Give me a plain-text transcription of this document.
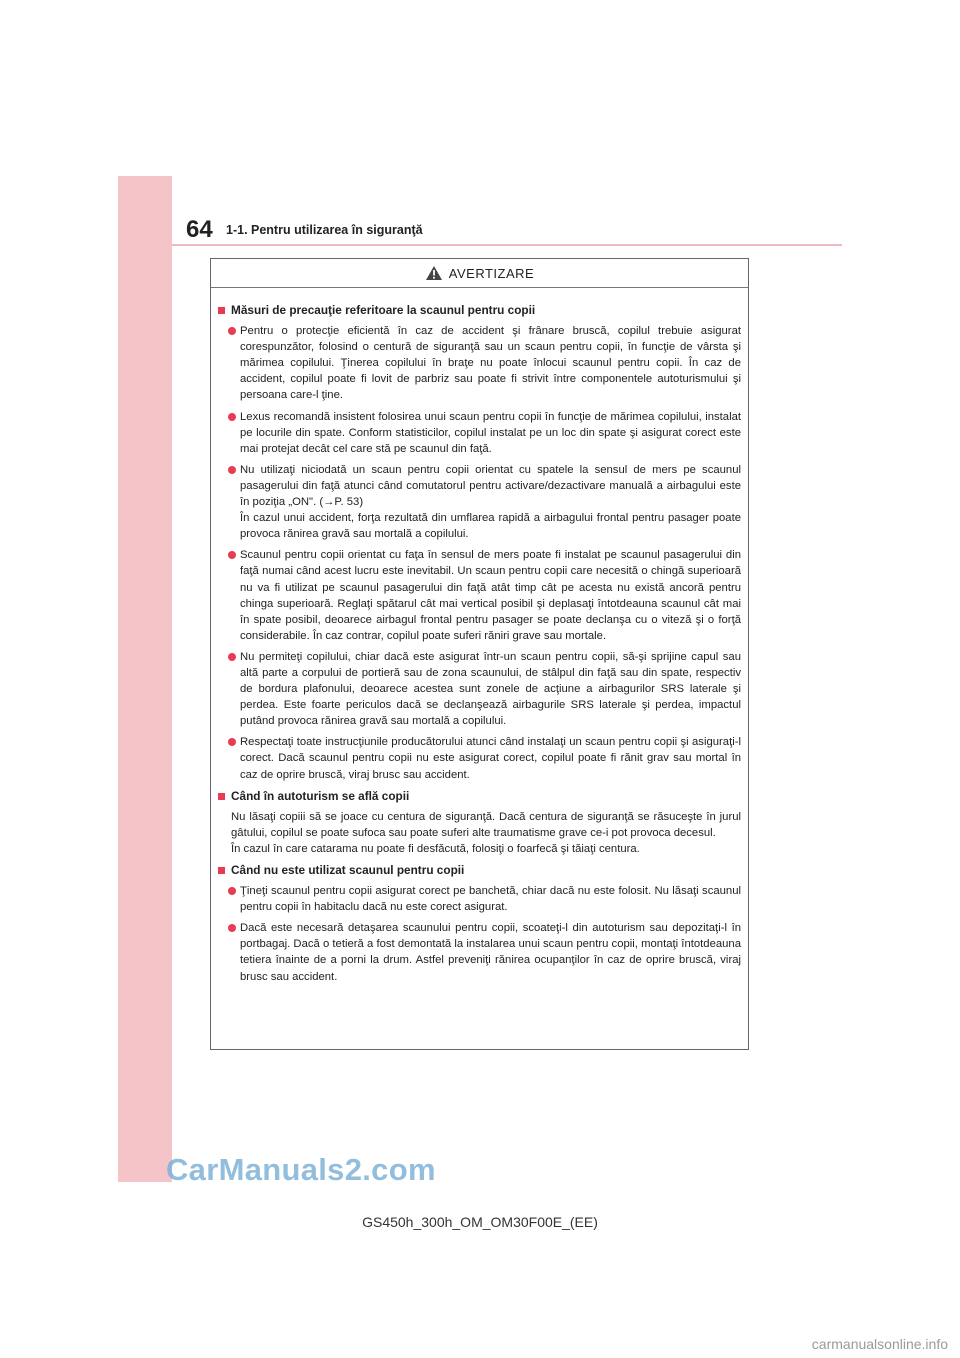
64 1-1. Pentru utilizarea în siguranţă
AVERTIZARE
Măsuri de precauţie referitoare la scaunul pentru copii
Pentru o protecţie eficientă în caz de accident şi frânare bruscă, copilul trebuie asigurat corespunzător, folosind o centură de siguranţă sau un scaun pentru copii, în funcţie de vârsta şi mărimea copilului. Ţinerea copilului în braţe nu poate înlocui scaunul pentru copii. În caz de accident, copilul poate fi lovit de parbriz sau poate fi strivit între componentele autoturismului şi persoana care-l ţine.
Lexus recomandă insistent folosirea unui scaun pentru copii în funcţie de mărimea copilului, instalat pe locurile din spate. Conform statisticilor, copilul instalat pe un loc din spate şi asigurat corect este mai protejat decât cel care stă pe scaunul din faţă.
Nu utilizaţi niciodată un scaun pentru copii orientat cu spatele la sensul de mers pe scaunul pasagerului din faţă atunci când comutatorul pentru activare/dezactivare manuală a airbagului este în poziţia „ON". (→P. 53)
În cazul unui accident, forţa rezultată din umflarea rapidă a airbagului frontal pentru pasager poate provoca rănirea gravă sau mortală a copilului.
Scaunul pentru copii orientat cu faţa în sensul de mers poate fi instalat pe scaunul pasagerului din faţă numai când acest lucru este inevitabil. Un scaun pentru copii care necesită o chingă superioară nu va fi utilizat pe scaunul pasagerului din faţă atât timp cât pe acesta nu există ancoră pentru chinga superioară. Reglaţi spătarul cât mai vertical posibil şi deplasaţi întotdeauna scaunul cât mai în spate posibil, deoarece airbagul frontal pentru pasager se poate declanşa cu o viteză şi o forţă considerabile. În caz contrar, copilul poate suferi răniri grave sau mortale.
Nu permiteţi copilului, chiar dacă este asigurat într-un scaun pentru copii, să-şi sprijine capul sau altă parte a corpului de portieră sau de zona scaunului, de stâlpul din faţă sau din spate, respectiv de bordura plafonului, deoarece acestea sunt zonele de acţiune a airbagurilor SRS laterale şi perdea. Este foarte periculos dacă se declanşează airbagurile SRS laterale şi perdea, impactul putând provoca rănirea gravă sau mortală a copilului.
Respectaţi toate instrucţiunile producătorului atunci când instalaţi un scaun pentru copii şi asiguraţi-l corect. Dacă scaunul pentru copii nu este asigurat corect, copilul poate fi rănit grav sau mortal în caz de oprire bruscă, viraj brusc sau accident.
Când în autoturism se află copii
Nu lăsaţi copiii să se joace cu centura de siguranţă. Dacă centura de siguranţă se răsuceşte în jurul gâtului, copilul se poate sufoca sau poate suferi alte traumatisme grave ce-i pot provoca decesul.
În cazul în care catarama nu poate fi desfăcută, folosiţi o foarfecă şi tăiaţi centura.
Când nu este utilizat scaunul pentru copii
Ţineţi scaunul pentru copii asigurat corect pe banchetă, chiar dacă nu este folosit. Nu lăsaţi scaunul pentru copii în habitaclu dacă nu este corect asigurat.
Dacă este necesară detaşarea scaunului pentru copii, scoateţi-l din autoturism sau depozitaţi-l în portbagaj. Dacă o tetieră a fost demontată la instalarea unui scaun pentru copii, montaţi întotdeauna tetiera înainte de a porni la drum. Astfel preveniţi rănirea ocupanţilor în caz de oprire bruscă, viraj brusc sau accident.
CarManuals2.com
GS450h_300h_OM_OM30F00E_(EE)
carmanualsonline.info
